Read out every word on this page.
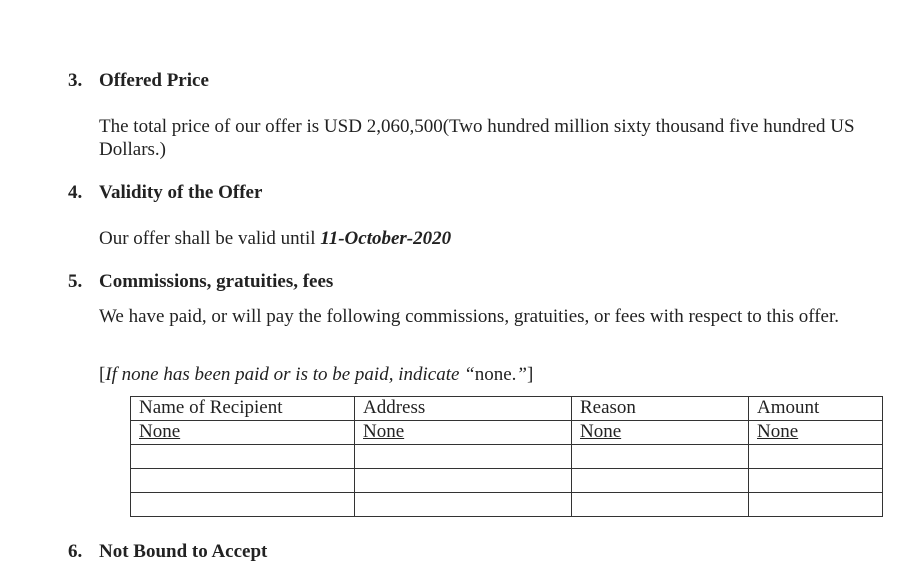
3. Offered Price
The total price of our offer is USD 2,060,500(Two hundred million sixty thousand five hundred US Dollars.)
4. Validity of the Offer
Our offer shall be valid until 11-October-2020
5. Commissions, gratuities, fees
We have paid, or will pay the following commissions, gratuities, or fees with respect to this offer.
[If none has been paid or is to be paid, indicate “none.”]
Name of Recipient	Address	Reason	Amount
None	None	None	None

6. Not Bound to Accept
